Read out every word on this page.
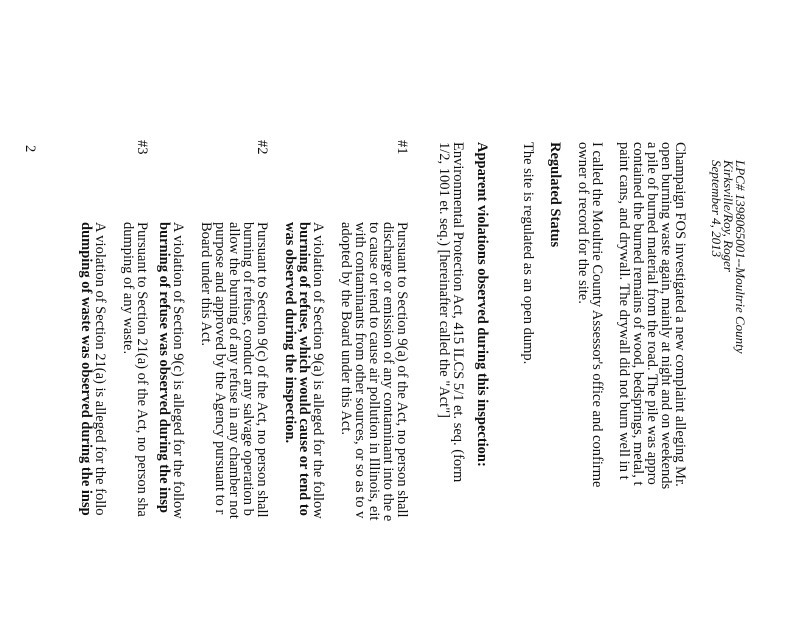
LPC# 1398065001--Moultrie County
Kirksville/Roy, Roger
September 4, 2013
Champaign FOS investigated a new complaint alleging Mr.
open burning waste again, mainly at night and on weekends
a pile of burned material from the road. The pile was appro
contained the burned remains of wood, bedsprings, metal, t
paint cans, and drywall. The drywall did not burn well in t
I called the Moultrie County Assessor's office and confirme
owner of record for the site.
Regulated Status
The site is regulated as an open dump.
Apparent violations observed during this inspection:
Environmental Protection Act, 415 ILCS 5/1 et. seq. (form
1/2, 1001 et. seq.) [hereinafter called the "Act"]
#1
Pursuant to Section 9(a) of the Act, no person shall
discharge or emission of any contaminant into the e
to cause or tend to cause air pollution in Illinois, eit
with contaminants from other sources, or so as to v
adopted by the Board under this Act.
A violation of Section 9(a) is alleged for the follow
burning of refuse, which would cause or tend to
was observed during the inspection.
#2
Pursuant to Section 9(c) of the Act, no person shall
burning of refuse, conduct any salvage operation b
allow the burning of any refuse in any chamber not
purpose and approved by the Agency pursuant to r
Board under this Act.
A violation of Section 9(c) is alleged for the follow
burning of refuse was observed during the insp
#3
Pursuant to Section 21(a) of the Act, no person sha
dumping of any waste.
A violation of Section 21(a) is alleged for the follo
dumping of waste was observed during the insp
2
